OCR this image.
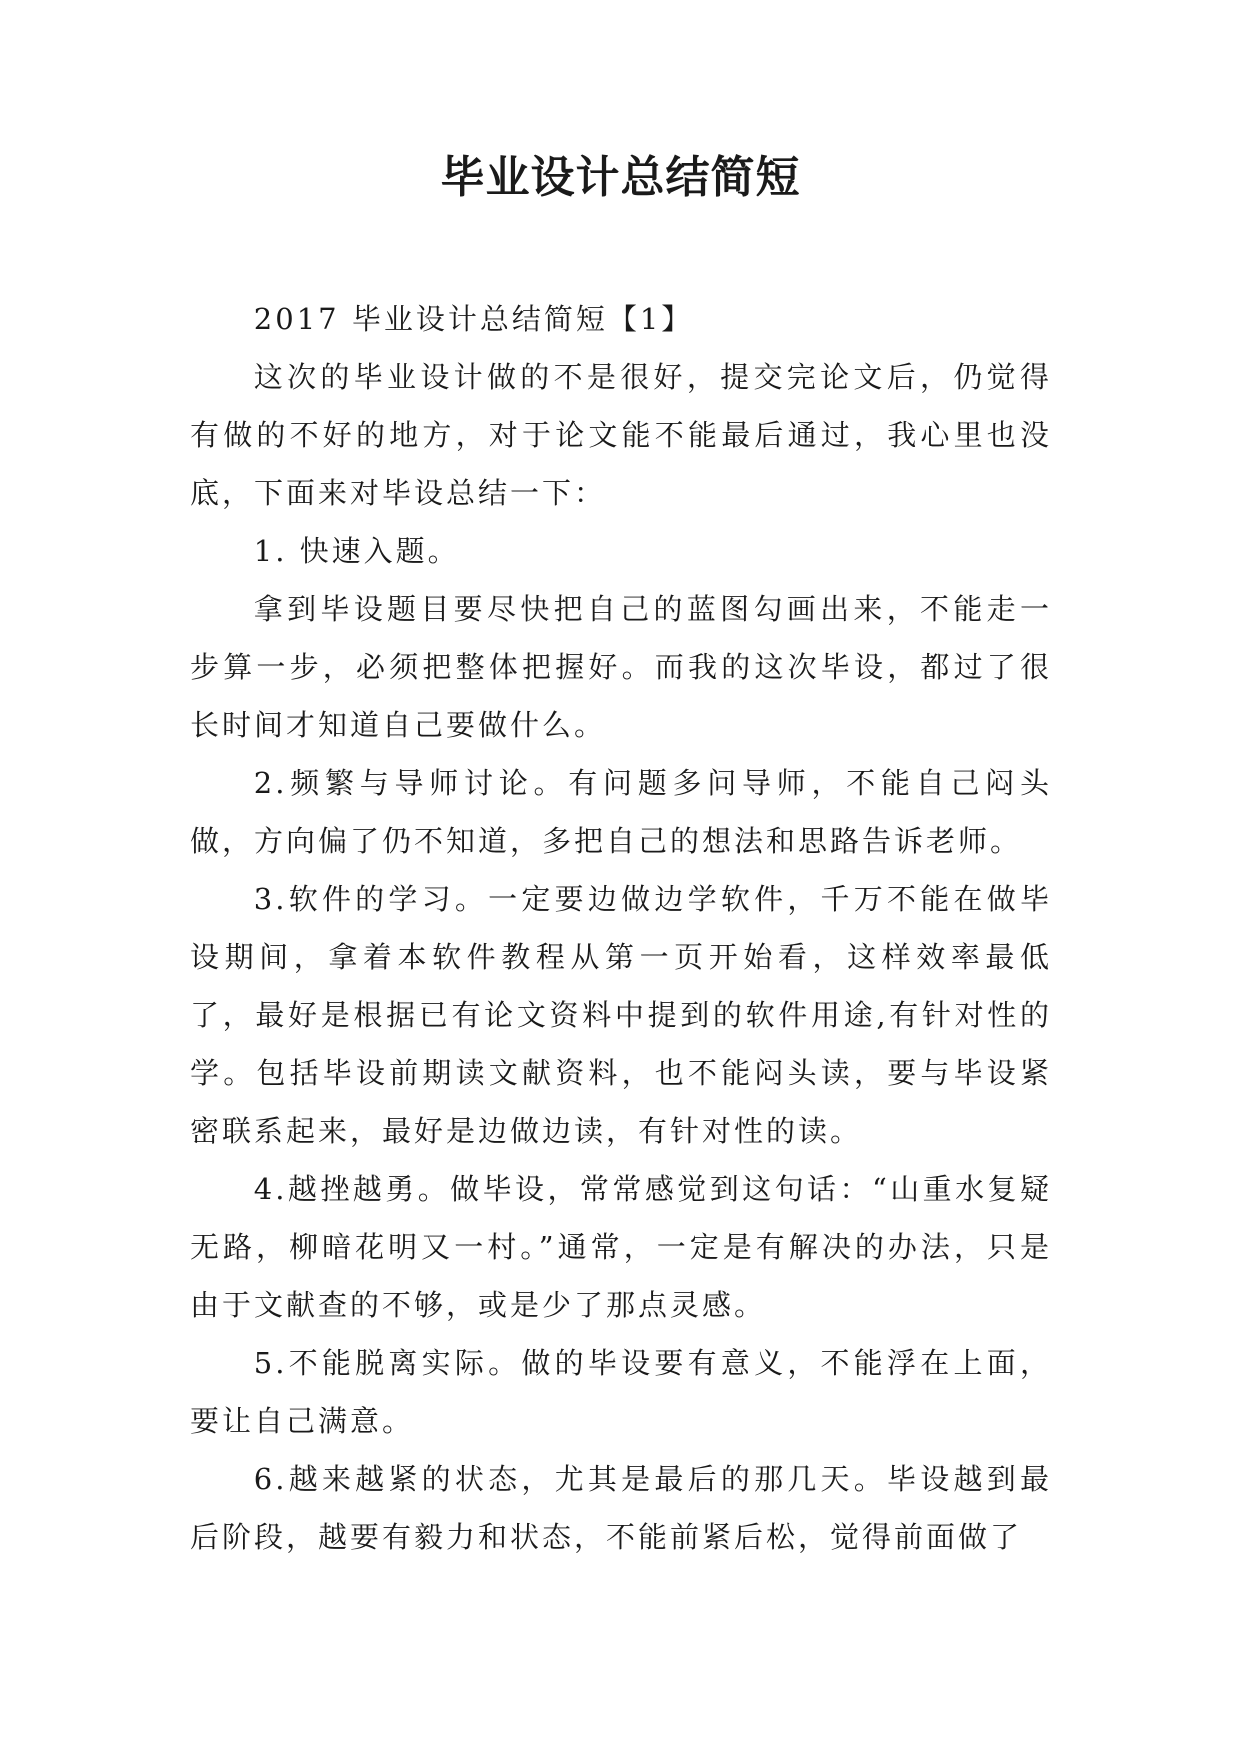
毕业设计总结简短

2017 毕业设计总结简短【1】

这次的毕业设计做的不是很好，提交完论文后，仍觉得有做的不好的地方，对于论文能不能最后通过，我心里也没底，下面来对毕设总结一下：

1. 快速入题。

拿到毕设题目要尽快把自己的蓝图勾画出来，不能走一步算一步，必须把整体把握好。而我的这次毕设，都过了很长时间才知道自己要做什么。

2.频繁与导师讨论。有问题多问导师，不能自己闷头做，方向偏了仍不知道，多把自己的想法和思路告诉老师。

3.软件的学习。一定要边做边学软件，千万不能在做毕设期间，拿着本软件教程从第一页开始看，这样效率最低了，最好是根据已有论文资料中提到的软件用途,有针对性的学。包括毕设前期读文献资料，也不能闷头读，要与毕设紧密联系起来，最好是边做边读，有针对性的读。

4.越挫越勇。做毕设，常常感觉到这句话：“山重水复疑无路，柳暗花明又一村。”通常，一定是有解决的办法，只是由于文献查的不够，或是少了那点灵感。

5.不能脱离实际。做的毕设要有意义，不能浮在上面，要让自己满意。

6.越来越紧的状态，尤其是最后的那几天。毕设越到最后阶段，越要有毅力和状态，不能前紧后松，觉得前面做了
